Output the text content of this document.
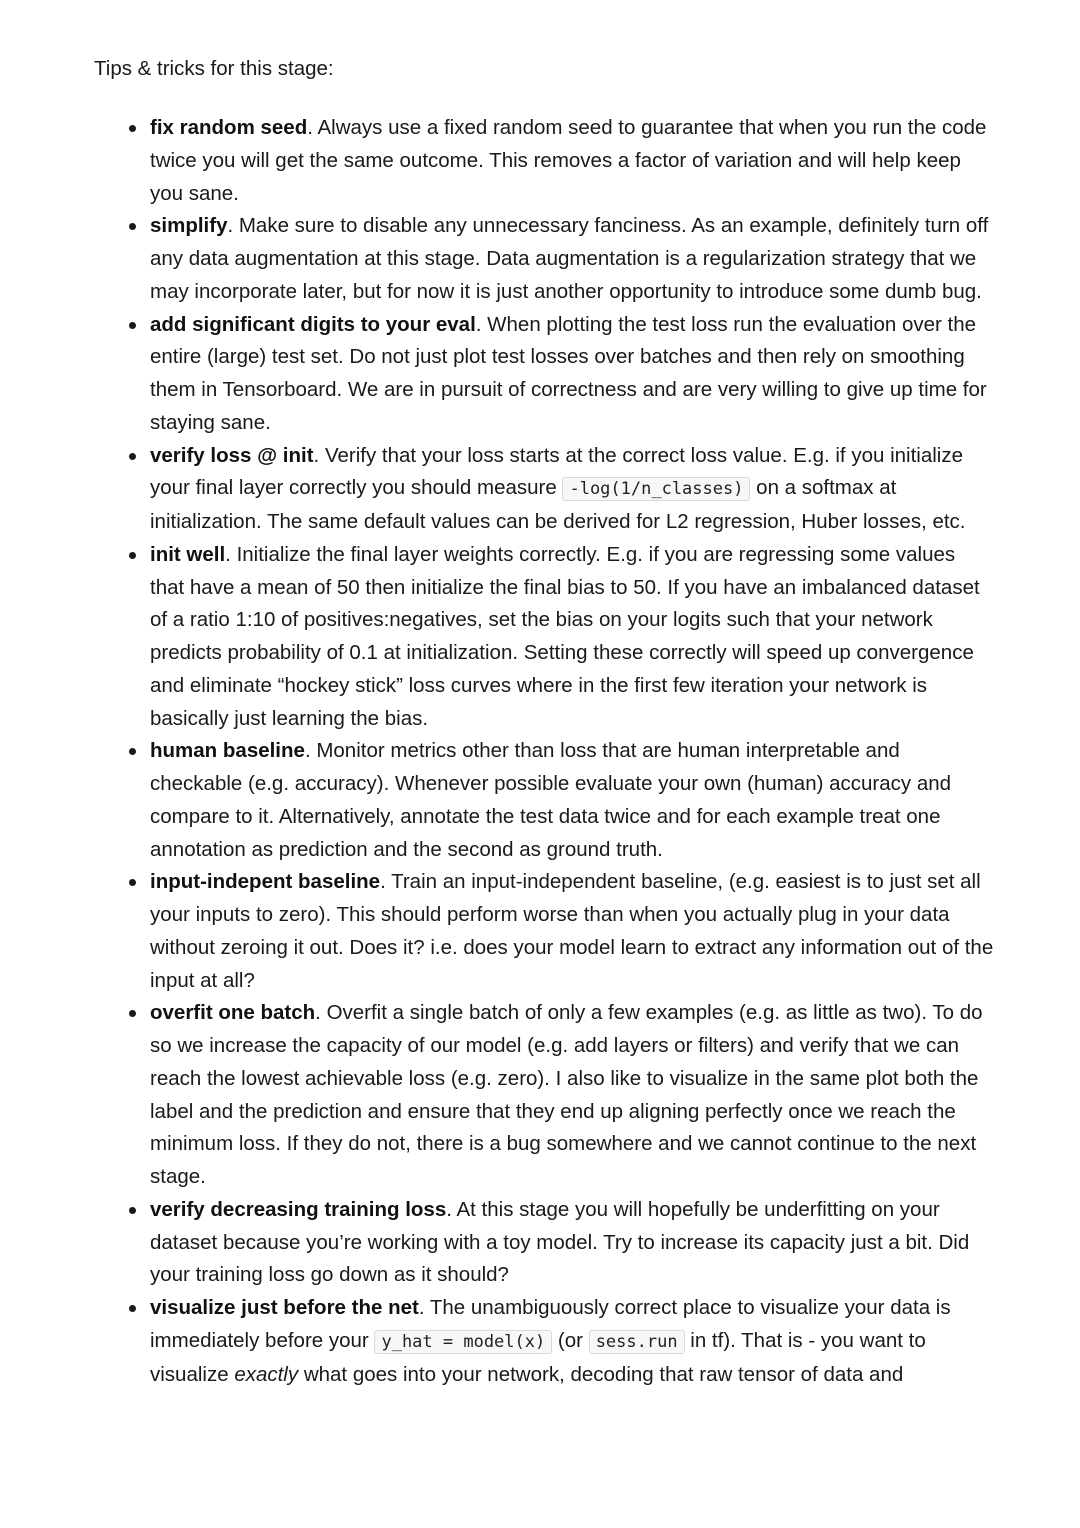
Tips & tricks for this stage:

fix random seed. Always use a fixed random seed to guarantee that when you run the code twice you will get the same outcome. This removes a factor of variation and will help keep you sane.
simplify. Make sure to disable any unnecessary fanciness. As an example, definitely turn off any data augmentation at this stage. Data augmentation is a regularization strategy that we may incorporate later, but for now it is just another opportunity to introduce some dumb bug.
add significant digits to your eval. When plotting the test loss run the evaluation over the entire (large) test set. Do not just plot test losses over batches and then rely on smoothing them in Tensorboard. We are in pursuit of correctness and are very willing to give up time for staying sane.
verify loss @ init. Verify that your loss starts at the correct loss value. E.g. if you initialize your final layer correctly you should measure -log(1/n_classes) on a softmax at initialization. The same default values can be derived for L2 regression, Huber losses, etc.
init well. Initialize the final layer weights correctly. E.g. if you are regressing some values that have a mean of 50 then initialize the final bias to 50. If you have an imbalanced dataset of a ratio 1:10 of positives:negatives, set the bias on your logits such that your network predicts probability of 0.1 at initialization. Setting these correctly will speed up convergence and eliminate “hockey stick” loss curves where in the first few iteration your network is basically just learning the bias.
human baseline. Monitor metrics other than loss that are human interpretable and checkable (e.g. accuracy). Whenever possible evaluate your own (human) accuracy and compare to it. Alternatively, annotate the test data twice and for each example treat one annotation as prediction and the second as ground truth.
input-indepent baseline. Train an input-independent baseline, (e.g. easiest is to just set all your inputs to zero). This should perform worse than when you actually plug in your data without zeroing it out. Does it? i.e. does your model learn to extract any information out of the input at all?
overfit one batch. Overfit a single batch of only a few examples (e.g. as little as two). To do so we increase the capacity of our model (e.g. add layers or filters) and verify that we can reach the lowest achievable loss (e.g. zero). I also like to visualize in the same plot both the label and the prediction and ensure that they end up aligning perfectly once we reach the minimum loss. If they do not, there is a bug somewhere and we cannot continue to the next stage.
verify decreasing training loss. At this stage you will hopefully be underfitting on your dataset because you’re working with a toy model. Try to increase its capacity just a bit. Did your training loss go down as it should?
visualize just before the net. The unambiguously correct place to visualize your data is immediately before your y_hat = model(x) (or sess.run in tf). That is - you want to visualize exactly what goes into your network, decoding that raw tensor of data and
